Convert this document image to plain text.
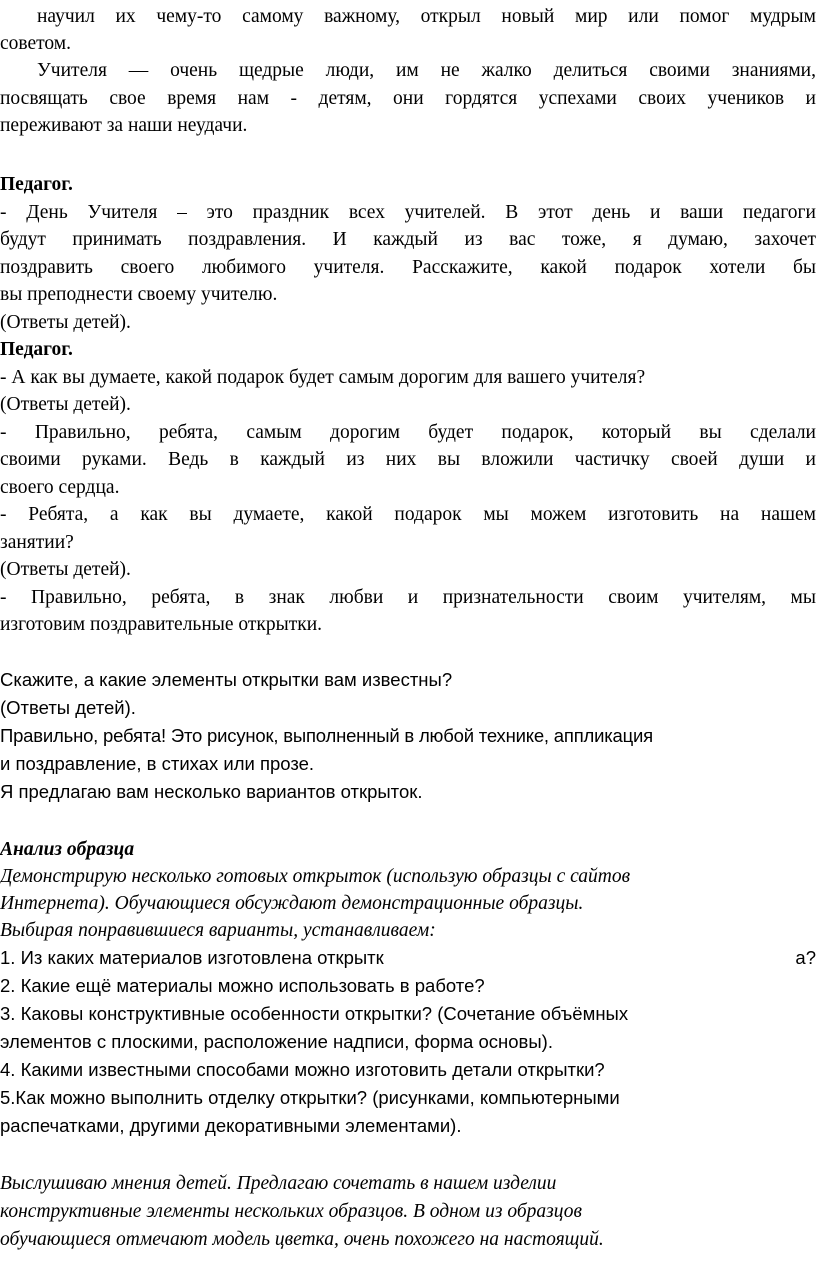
научил их чему-то самому важному, открыл новый мир или помог мудрым
советом.
Учителя — очень щедрые люди, им не жалко делиться своими знаниями,
посвящать свое время нам - детям, они гордятся успехами своих учеников и
переживают за наши неудачи.
Педагог.
- День Учителя – это праздник всех учителей. В этот день и ваши педагоги
будут принимать поздравления. И каждый из вас тоже, я думаю, захочет
поздравить своего любимого учителя. Расскажите, какой подарок хотели бы
вы преподнести своему учителю.
(Ответы детей).
Педагог.
- А как вы думаете, какой подарок будет самым дорогим для вашего учителя?
(Ответы детей).
- Правильно, ребята, самым дорогим будет подарок, который вы сделали
своими руками. Ведь в каждый из них вы вложили частичку своей души и
своего сердца.
- Ребята, а как вы думаете, какой подарок мы можем изготовить на нашем
занятии?
(Ответы детей).
- Правильно, ребята, в знак любви и признательности своим учителям, мы
изготовим поздравительные открытки.
Скажите, а какие элементы открытки вам известны?
(Ответы детей).
Правильно, ребята! Это рисунок, выполненный в любой технике, аппликация
и поздравление, в стихах или прозе.
Я предлагаю вам несколько вариантов открыток.
Анализ образца
Демонстрирую несколько готовых открыток (использую образцы с сайтов
Интернета). Обучающиеся обсуждают демонстрационные образцы.
Выбирая понравившиеся варианты, устанавливаем:
1. Из каких материалов изготовлена открытк	а?
2. Какие ещё материалы можно использовать в работе?
3. Каковы конструктивные особенности открытки? (Сочетание объёмных
элементов с плоскими, расположение надписи, форма основы).
4. Какими известными способами можно изготовить детали открытки?
5.Как можно выполнить отделку открытки? (рисунками, компьютерными
распечатками, другими декоративными элементами).
Выслушиваю мнения детей. Предлагаю сочетать в нашем изделии
конструктивные элементы нескольких образцов. В одном из образцов
обучающиеся отмечают модель цветка, очень похожего на настоящий.
